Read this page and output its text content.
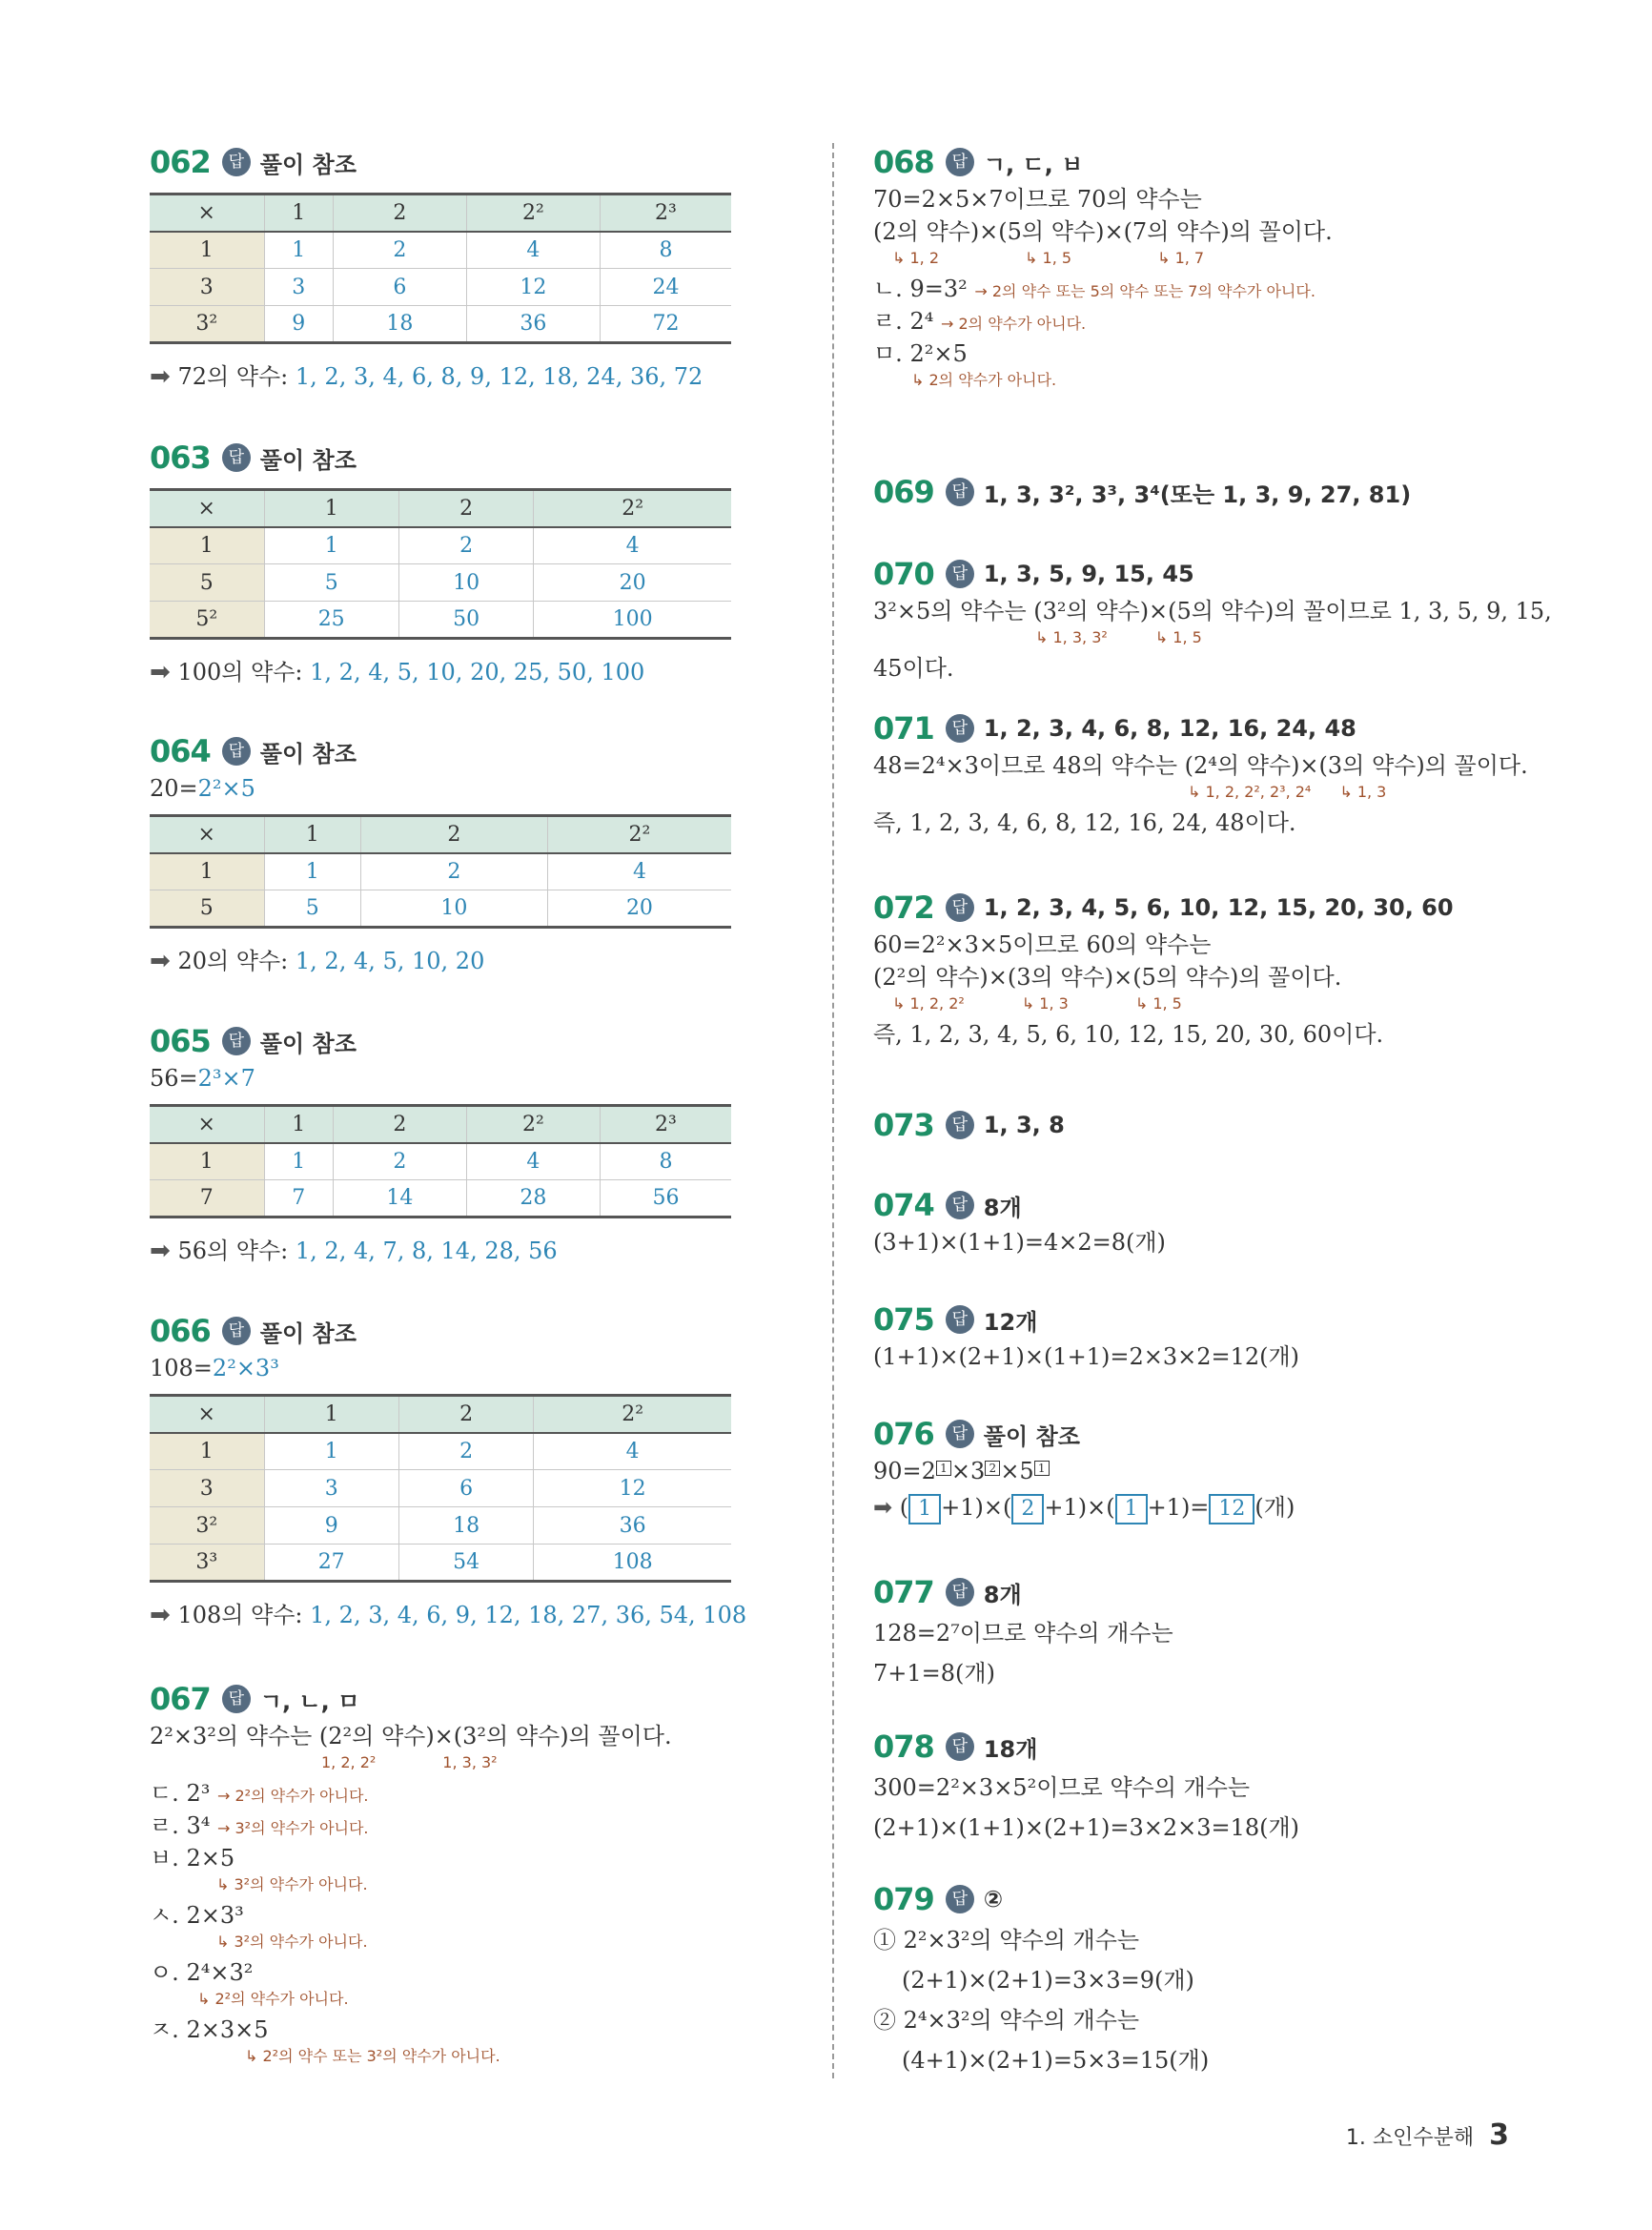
062	답 풀이 참조
×	1	2	2²	2³
1	1	2	4	8
3	3	6	12	24
3²	9	18	36	72
➡ 72의 약수: 1, 2, 3, 4, 6, 8, 9, 12, 18, 24, 36, 72
063	답 풀이 참조
×	1	2	2²
1	1	2	4
5	5	10	20
5²	25	50	100
➡ 100의 약수: 1, 2, 4, 5, 10, 20, 25, 50, 100
064	답 풀이 참조
20=2²×5
×	1	2	2²
1	1	2	4
5	5	10	20
➡ 20의 약수: 1, 2, 4, 5, 10, 20
065	답 풀이 참조
56=2³×7
×	1	2	2²	2³
1	1	2	4	8
7	7	14	28	56
➡ 56의 약수: 1, 2, 4, 7, 8, 14, 28, 56
066	답 풀이 참조
108=2²×3³
×	1	2	2²
1	1	2	4
3	3	6	12
3²	9	18	36
3³	27	54	108
➡ 108의 약수: 1, 2, 3, 4, 6, 9, 12, 18, 27, 36, 54, 108
067	답 ㄱ, ㄴ, ㅁ
2²×3²의 약수는 (2²의 약수)×(3²의 약수)의 꼴이다.
1, 2, 2²	1, 3, 3²
ㄷ. 2³ → 2²의 약수가 아니다.
ㄹ. 3⁴ → 3²의 약수가 아니다.
ㅂ. 2×5
↳ 3²의 약수가 아니다.
ㅅ. 2×3³
↳ 3²의 약수가 아니다.
ㅇ. 2⁴×3²
↳ 2²의 약수가 아니다.
ㅈ. 2×3×5
↳ 2²의 약수 또는 3²의 약수가 아니다.
068	답 ㄱ, ㄷ, ㅂ
70=2×5×7이므로 70의 약수는
(2의 약수)×(5의 약수)×(7의 약수)의 꼴이다.
↳ 1, 2	↳ 1, 5	↳ 1, 7
ㄴ. 9=3² → 2의 약수 또는 5의 약수 또는 7의 약수가 아니다.
ㄹ. 2⁴ → 2의 약수가 아니다.
ㅁ. 2²×5
↳ 2의 약수가 아니다.
069	답 1, 3, 3², 3³, 3⁴(또는 1, 3, 9, 27, 81)
070	답 1, 3, 5, 9, 15, 45
3²×5의 약수는 (3²의 약수)×(5의 약수)의 꼴이므로 1, 3, 5, 9, 15,
↳ 1, 3, 3²	↳ 1, 5
45이다.
071	답 1, 2, 3, 4, 6, 8, 12, 16, 24, 48
48=2⁴×3이므로 48의 약수는 (2⁴의 약수)×(3의 약수)의 꼴이다.
↳ 1, 2, 2², 2³, 2⁴ ↳ 1, 3
즉, 1, 2, 3, 4, 6, 8, 12, 16, 24, 48이다.
072	답 1, 2, 3, 4, 5, 6, 10, 12, 15, 20, 30, 60
60=2²×3×5이므로 60의 약수는
(2²의 약수)×(3의 약수)×(5의 약수)의 꼴이다.
↳ 1, 2, 2²	↳ 1, 3	↳ 1, 5
즉, 1, 2, 3, 4, 5, 6, 10, 12, 15, 20, 30, 60이다.
073	답 1, 3, 8
074	답 8개
(3+1)×(1+1)=4×2=8(개)
075	답 12개
(1+1)×(2+1)×(1+1)=2×3×2=12(개)
076	답 풀이 참조
90=2 1 ×3 2 ×5 1
➡ ( 1 +1)×( 2 +1)×( 1 +1)= 12 (개)
077	답 8개
128=2⁷이므로 약수의 개수는
7+1=8(개)
078	답 18개
300=2²×3×5²이므로 약수의 개수는
(2+1)×(1+1)×(2+1)=3×2×3=18(개)
079	답 ②
① 2²×3²의 약수의 개수는
(2+1)×(2+1)=3×3=9(개)
② 2⁴×3²의 약수의 개수는
(4+1)×(2+1)=5×3=15(개)
1. 소인수분해 3
